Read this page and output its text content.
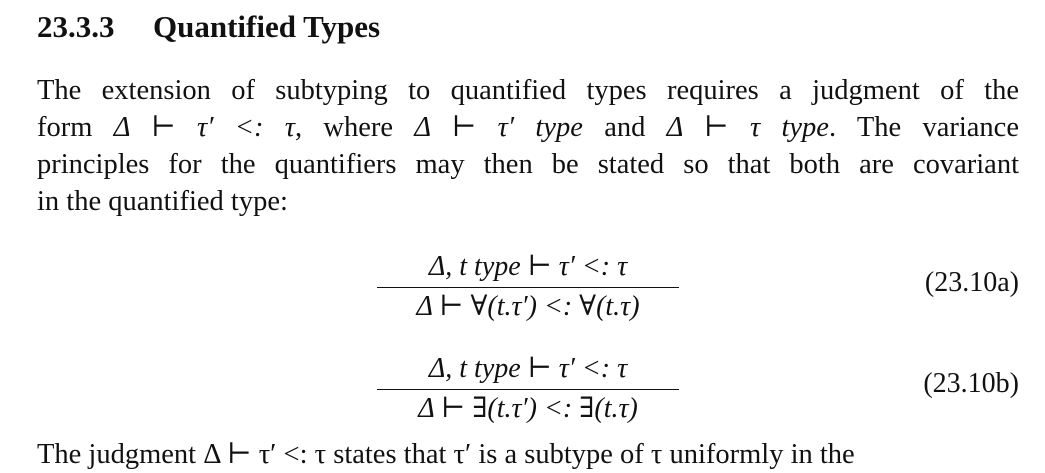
23.3.3 Quantified Types
The extension of subtyping to quantified types requires a judgment of the
form Δ ⊢ τ′ <: τ, where Δ ⊢ τ′ type and Δ ⊢ τ type. The variance
principles for the quantifiers may then be stated so that both are covariant
in the quantified type:
Δ, t type ⊢ τ′ <: τ
Δ ⊢ ∀(t.τ′) <: ∀(t.τ)
(23.10a)
Δ, t type ⊢ τ′ <: τ
Δ ⊢ ∃(t.τ′) <: ∃(t.τ)
(23.10b)
The judgment Δ ⊢ τ′ <: τ states that τ′ is a subtype of τ uniformly in the
